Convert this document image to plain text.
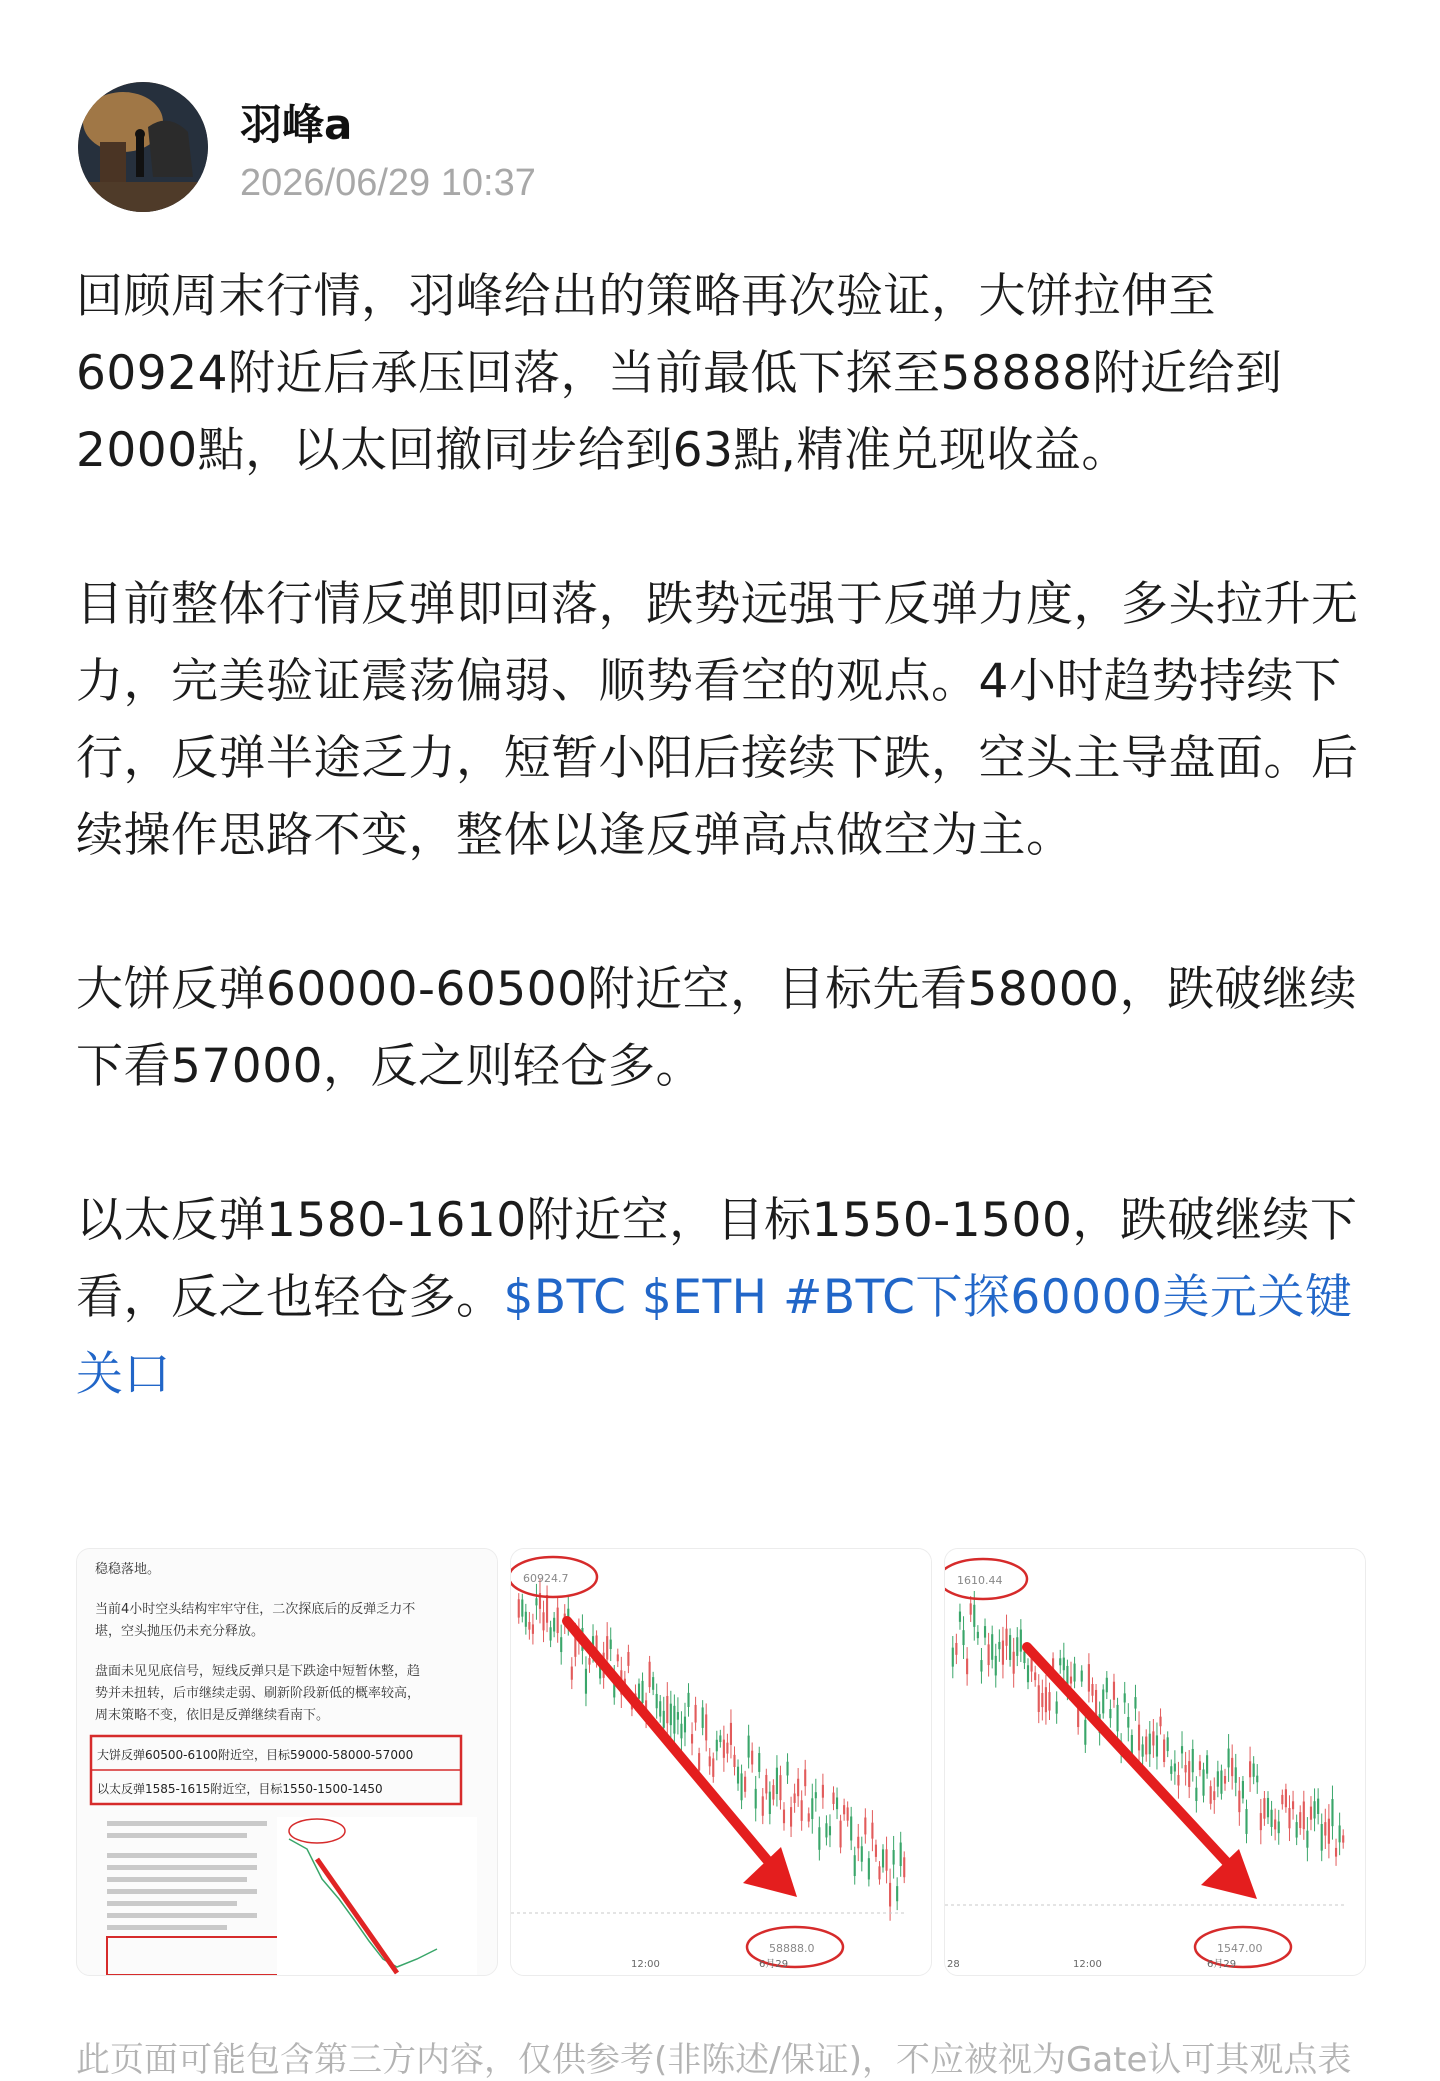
羽峰a
2026/06/29 10:37

回顾周末行情，羽峰给出的策略再次验证，大饼拉伸至60924附近后承压回落，当前最低下探至58888附近给到2000點，以太回撤同步给到63點,精准兑现收益。

目前整体行情反弹即回落，跌势远强于反弹力度，多头拉升无力，完美验证震荡偏弱、顺势看空的观点。4小时趋势持续下行，反弹半途乏力，短暂小阳后接续下跌，空头主导盘面。后续操作思路不变，整体以逢反弹高点做空为主。

大饼反弹60000-60500附近空，目标先看58000，跌破继续下看57000，反之则轻仓多。

以太反弹1580-1610附近空，目标1550-1500，跌破继续下看，反之也轻仓多。$BTC $ETH #BTC下探60000美元关键关口

稳稳落地。
当前4小时空头结构牢牢守住，二次探底后的反弹乏力不
堪，空头抛压仍未充分释放。
盘面未见见底信号，短线反弹只是下跌途中短暂休整，趋
势并未扭转，后市继续走弱、刷新阶段新低的概率较高，
周末策略不变，依旧是反弹继续看南下。
大饼反弹60500-6100附近空，目标59000-58000-57000
以太反弹1585-1615附近空，目标1550-1500-1450
60924.7
58888.0
12:00	6月29
1610.44
1547.00
28	12:00	6月29
此页面可能包含第三方内容，仅供参考(非陈述/保证)，不应被视为Gate认可其观点表
